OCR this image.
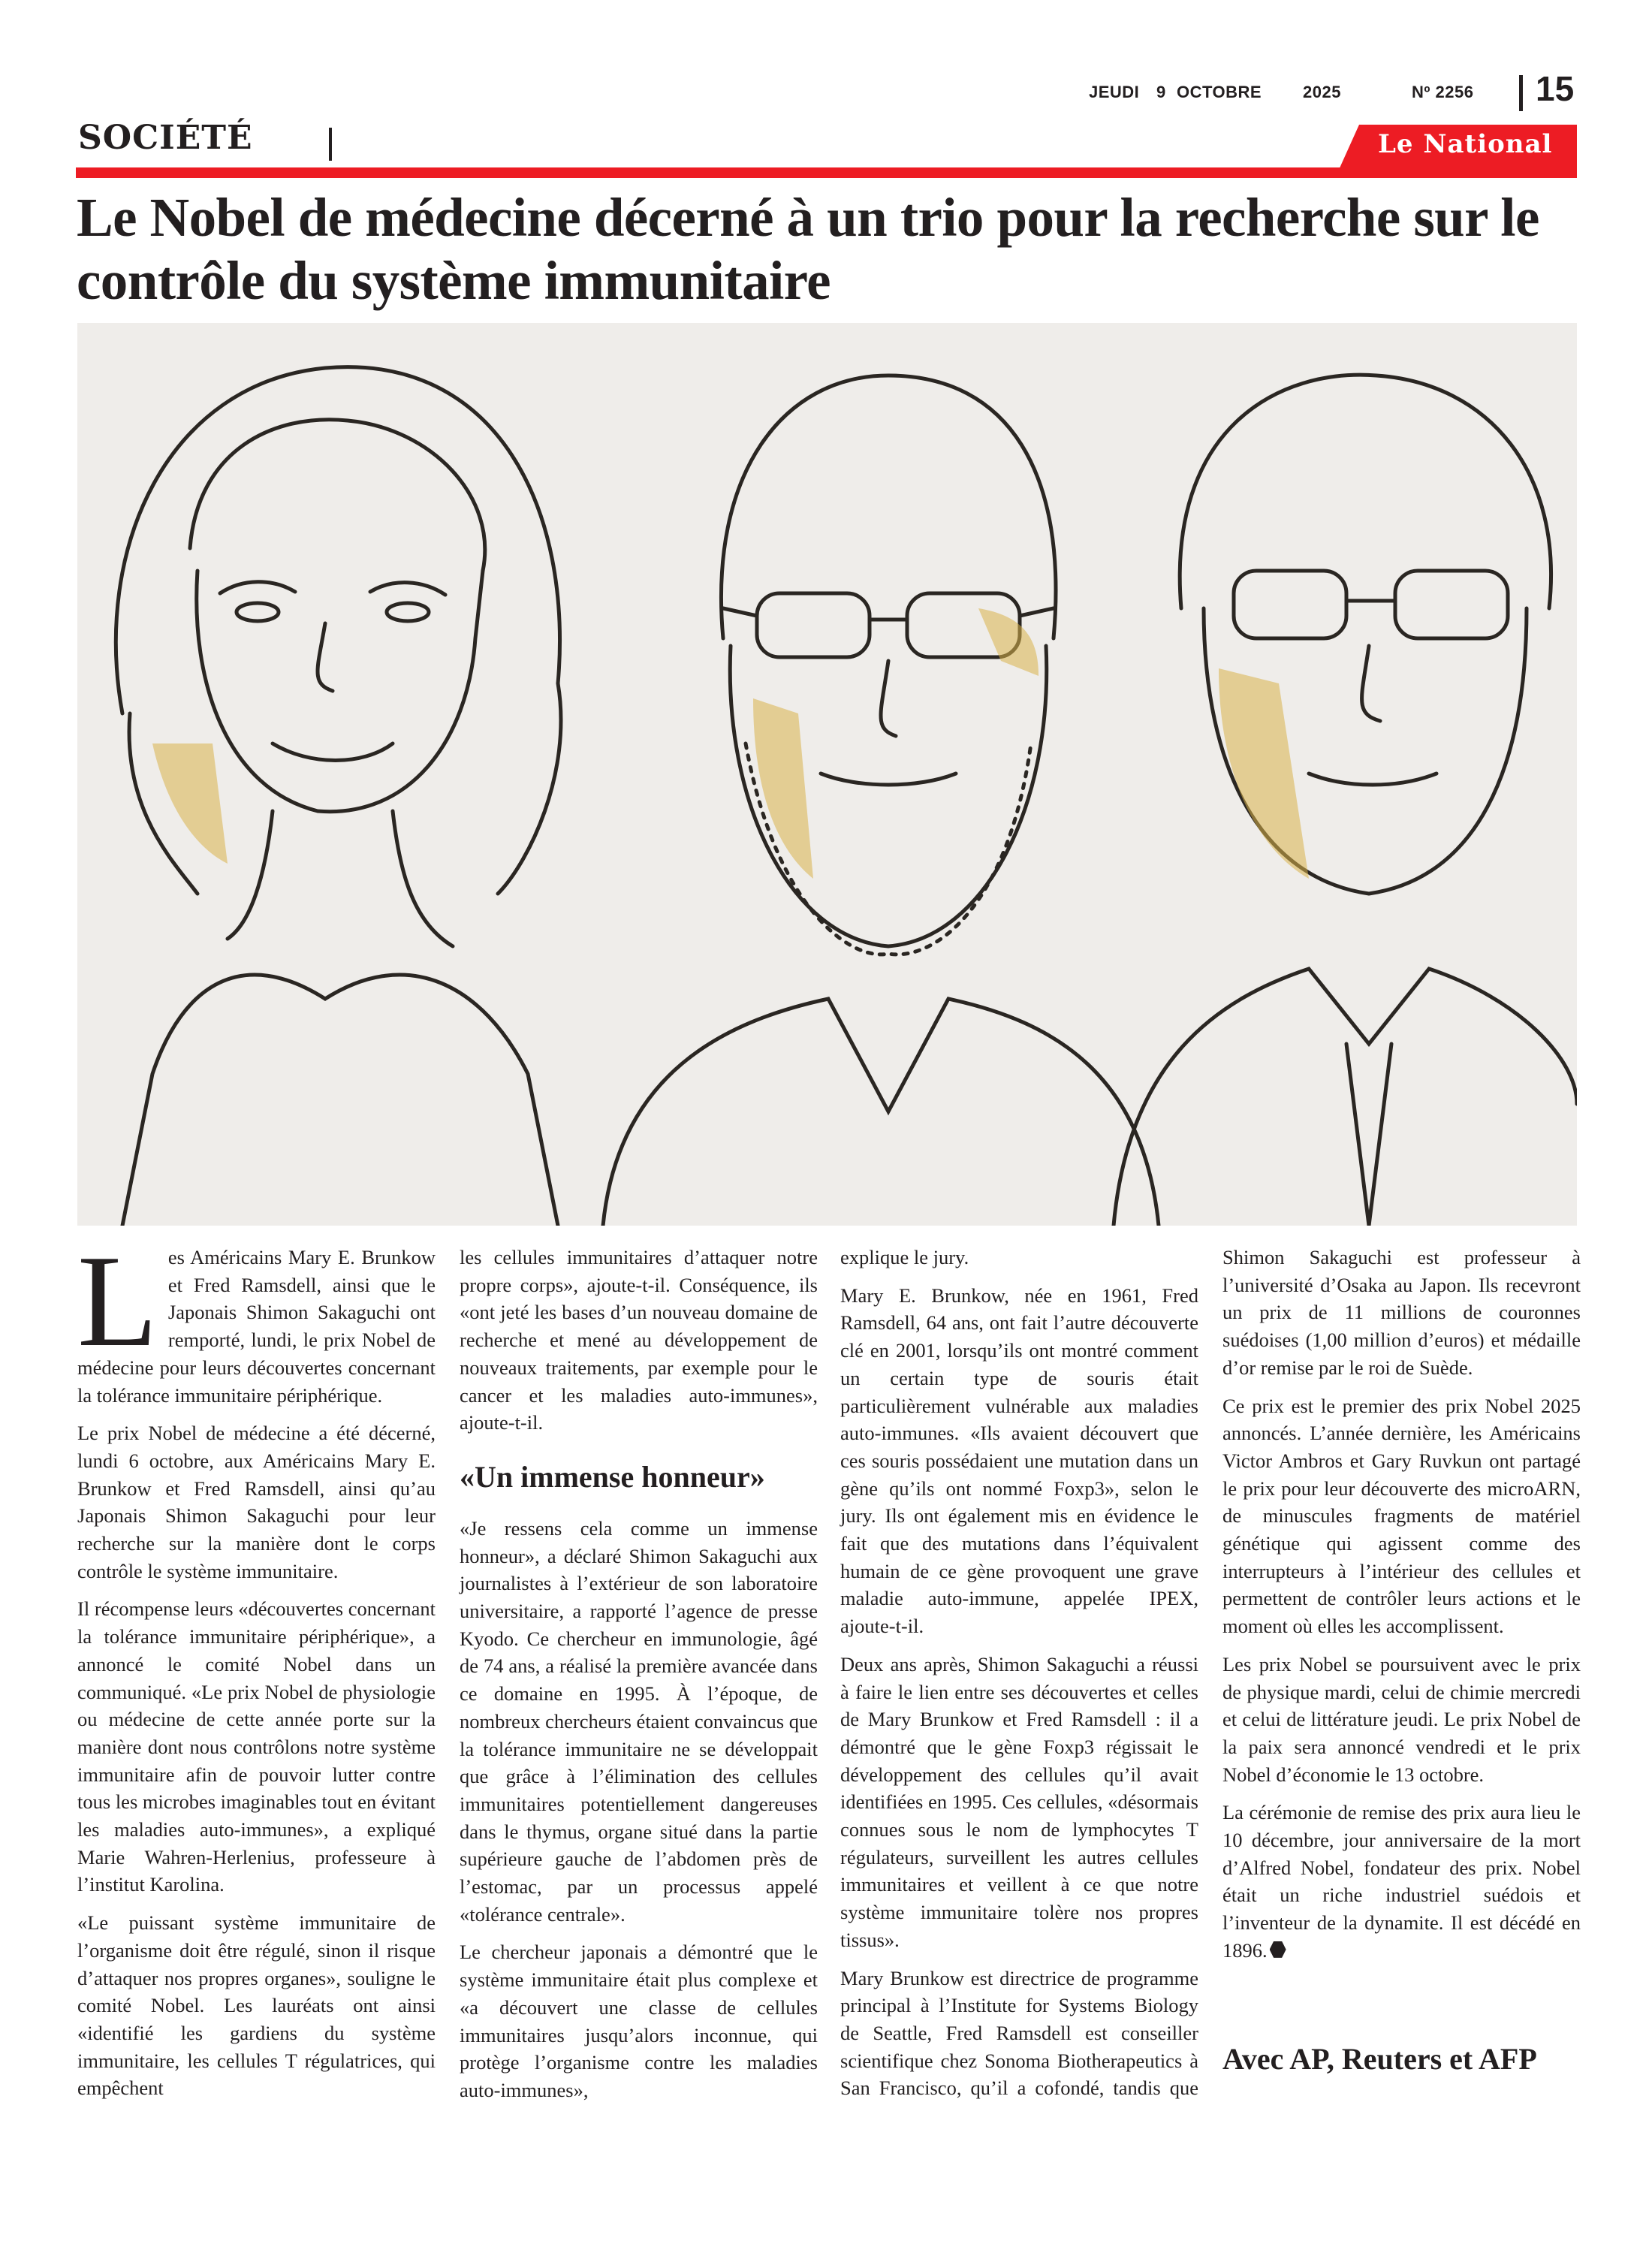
JEUDI 9 OCTOBRE 2025	Nº 2256 15
SOCIÉTÉ	Le National
Le Nobel de médecine décerné à un trio pour la recherche sur le contrôle du système immunitaire

Les Américains Mary E. Brunkow et Fred Ramsdell, ainsi que le Japonais Shimon Sakaguchi ont remporté, lundi, le prix Nobel de médecine pour leurs découvertes concernant la tolérance immunitaire périphérique.

Le prix Nobel de médecine a été décerné, lundi 6 octobre, aux Américains Mary E. Brunkow et Fred Ramsdell, ainsi qu’au Japonais Shimon Sakaguchi pour leur recherche sur la manière dont le corps contrôle le système immunitaire.

Il récompense leurs «découvertes concernant la tolérance immunitaire périphérique», a annoncé le comité Nobel dans un communiqué. «Le prix Nobel de physiologie ou médecine de cette année porte sur la manière dont nous contrôlons notre système immunitaire afin de pouvoir lutter contre tous les microbes imaginables tout en évitant les maladies auto-immunes», a expliqué Marie Wahren-Herlenius, professeure à l’institut Karolina.

«Le puissant système immunitaire de l’organisme doit être régulé, sinon il risque d’attaquer nos propres organes», souligne le comité Nobel. Les lauréats ont ainsi «identifié les gardiens du système immunitaire, les cellules T régulatrices, qui empêchent

les cellules immunitaires d’attaquer notre propre corps», ajoute-t-il. Conséquence, ils «ont jeté les bases d’un nouveau domaine de recherche et mené au développement de nouveaux traitements, par exemple pour le cancer et les maladies auto-immunes», ajoute-t-il.

«Un immense honneur»

«Je ressens cela comme un immense honneur», a déclaré Shimon Sakaguchi aux journalistes à l’extérieur de son laboratoire universitaire, a rapporté l’agence de presse Kyodo. Ce chercheur en immunologie, âgé de 74 ans, a réalisé la première avancée dans ce domaine en 1995. À l’époque, de nombreux chercheurs étaient convaincus que la tolérance immunitaire ne se développait que grâce à l’élimination des cellules immunitaires potentiellement dangereuses dans le thymus, organe situé dans la partie supérieure gauche de l’abdomen près de l’estomac, par un processus appelé «tolérance centrale».

Le chercheur japonais a démontré que le système immunitaire était plus complexe et «a découvert une classe de cellules immunitaires jusqu’alors inconnue, qui protège l’organisme contre les maladies auto-immunes»,

explique le jury.

Mary E. Brunkow, née en 1961, Fred Ramsdell, 64 ans, ont fait l’autre découverte clé en 2001, lorsqu’ils ont montré comment un certain type de souris était particulièrement vulnérable aux maladies auto-immunes. «Ils avaient découvert que ces souris possédaient une mutation dans un gène qu’ils ont nommé Foxp3», selon le jury. Ils ont également mis en évidence le fait que des mutations dans l’équivalent humain de ce gène provoquent une grave maladie auto-immune, appelée IPEX, ajoute-t-il.

Deux ans après, Shimon Sakaguchi a réussi à faire le lien entre ses découvertes et celles de Mary Brunkow et Fred Ramsdell : il a démontré que le gène Foxp3 régissait le développement des cellules qu’il avait identifiées en 1995. Ces cellules, «désormais connues sous le nom de lymphocytes T régulateurs, surveillent les autres cellules immunitaires et veillent à ce que notre système immunitaire tolère nos propres tissus».

Mary Brunkow est directrice de programme principal à l’Institute for Systems Biology de Seattle, Fred Ramsdell est conseiller scientifique chez Sonoma Biotherapeutics à San Francisco, qu’il a cofondé, tandis que

Shimon Sakaguchi est professeur à l’université d’Osaka au Japon. Ils recevront un prix de 11 millions de couronnes suédoises (1,00 million d’euros) et médaille d’or remise par le roi de Suède.

Ce prix est le premier des prix Nobel 2025 annoncés. L’année dernière, les Américains Victor Ambros et Gary Ruvkun ont partagé le prix pour leur découverte des microARN, de minuscules fragments de matériel génétique qui agissent comme des interrupteurs à l’intérieur des cellules et permettent de contrôler leurs actions et le moment où elles les accomplissent.

Les prix Nobel se poursuivent avec le prix de physique mardi, celui de chimie mercredi et celui de littérature jeudi. Le prix Nobel de la paix sera annoncé vendredi et le prix Nobel d’économie le 13 octobre.

La cérémonie de remise des prix aura lieu le 10 décembre, jour anniversaire de la mort d’Alfred Nobel, fondateur des prix. Nobel était un riche industriel suédois et l’inventeur de la dynamite. Il est décédé en 1896.

Avec AP, Reuters et AFP
